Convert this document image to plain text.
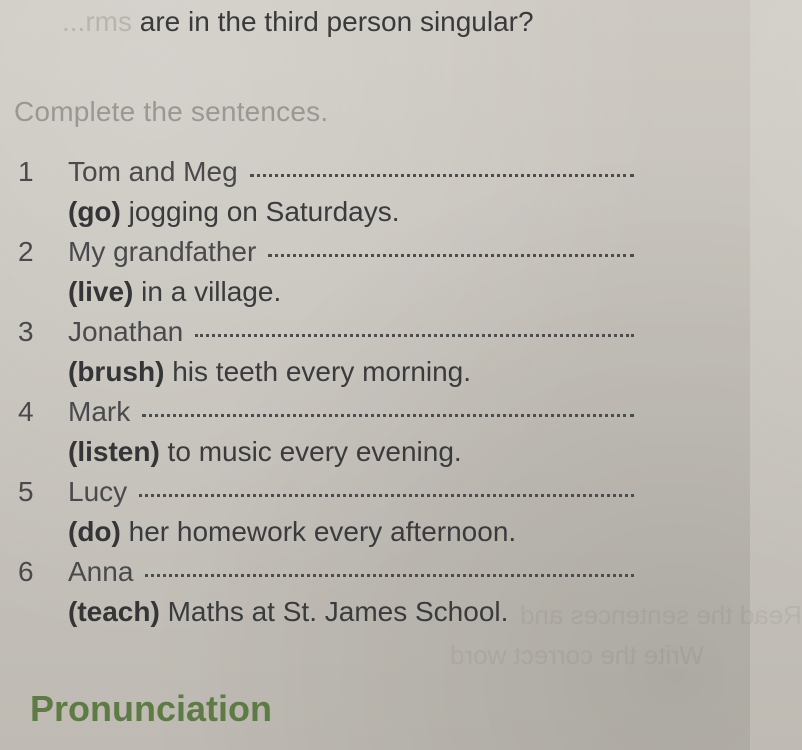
Read the sentences and
Write the correct word
...rms are in the third person singular?
Complete the sentences.
1	Tom and Meg
(go) jogging on Saturdays.
2	My grandfather
(live) in a village.
3	Jonathan
(brush) his teeth every morning.
4	Mark
(listen) to music every evening.
5	Lucy
(do) her homework every afternoon.
6	Anna
(teach) Maths at St. James School.
Pronunciation
